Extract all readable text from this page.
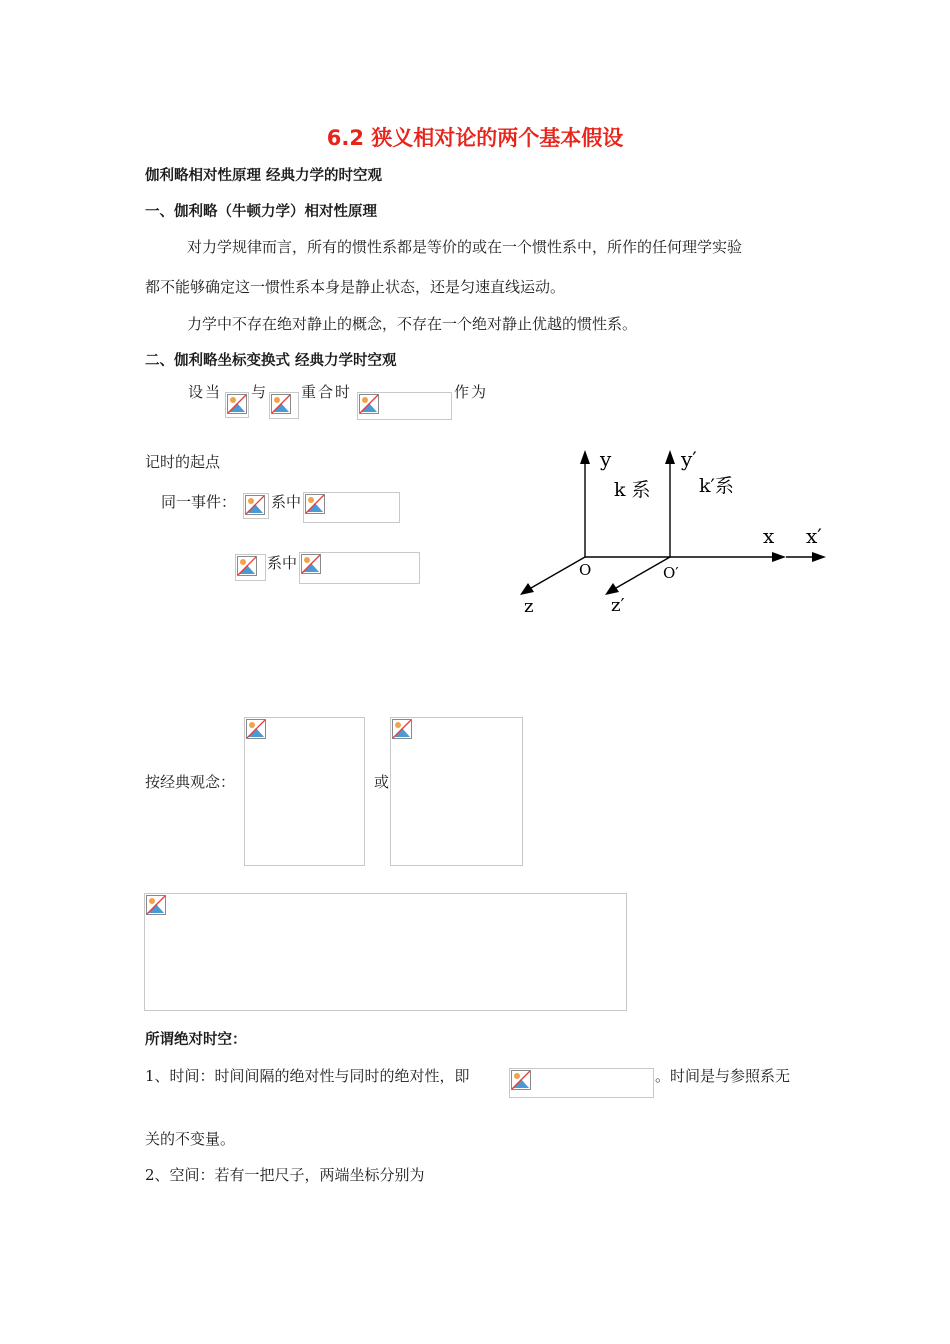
6.2 狭义相对论的两个基本假设
伽利略相对性原理 经典力学的时空观
一、伽利略（牛顿力学）相对性原理
对力学规律而言，所有的惯性系都是等价的或在一个惯性系中，所作的任何理学实验
都不能够确定这一惯性系本身是静止状态，还是匀速直线运动。
力学中不存在绝对静止的概念，不存在一个绝对静止优越的惯性系。
二、伽利略坐标变换式 经典力学时空观
设当 与 重合时	作为
记时的起点
同一事件： 系中
系中
y	y′
k 系	k′系
x x′
O	O′
z	z′
按经典观念：	或
所谓绝对时空：
1、时间：时间间隔的绝对性与同时的绝对性，即	。时间是与参照系无
关的不变量。
2、空间：若有一把尺子，两端坐标分别为
